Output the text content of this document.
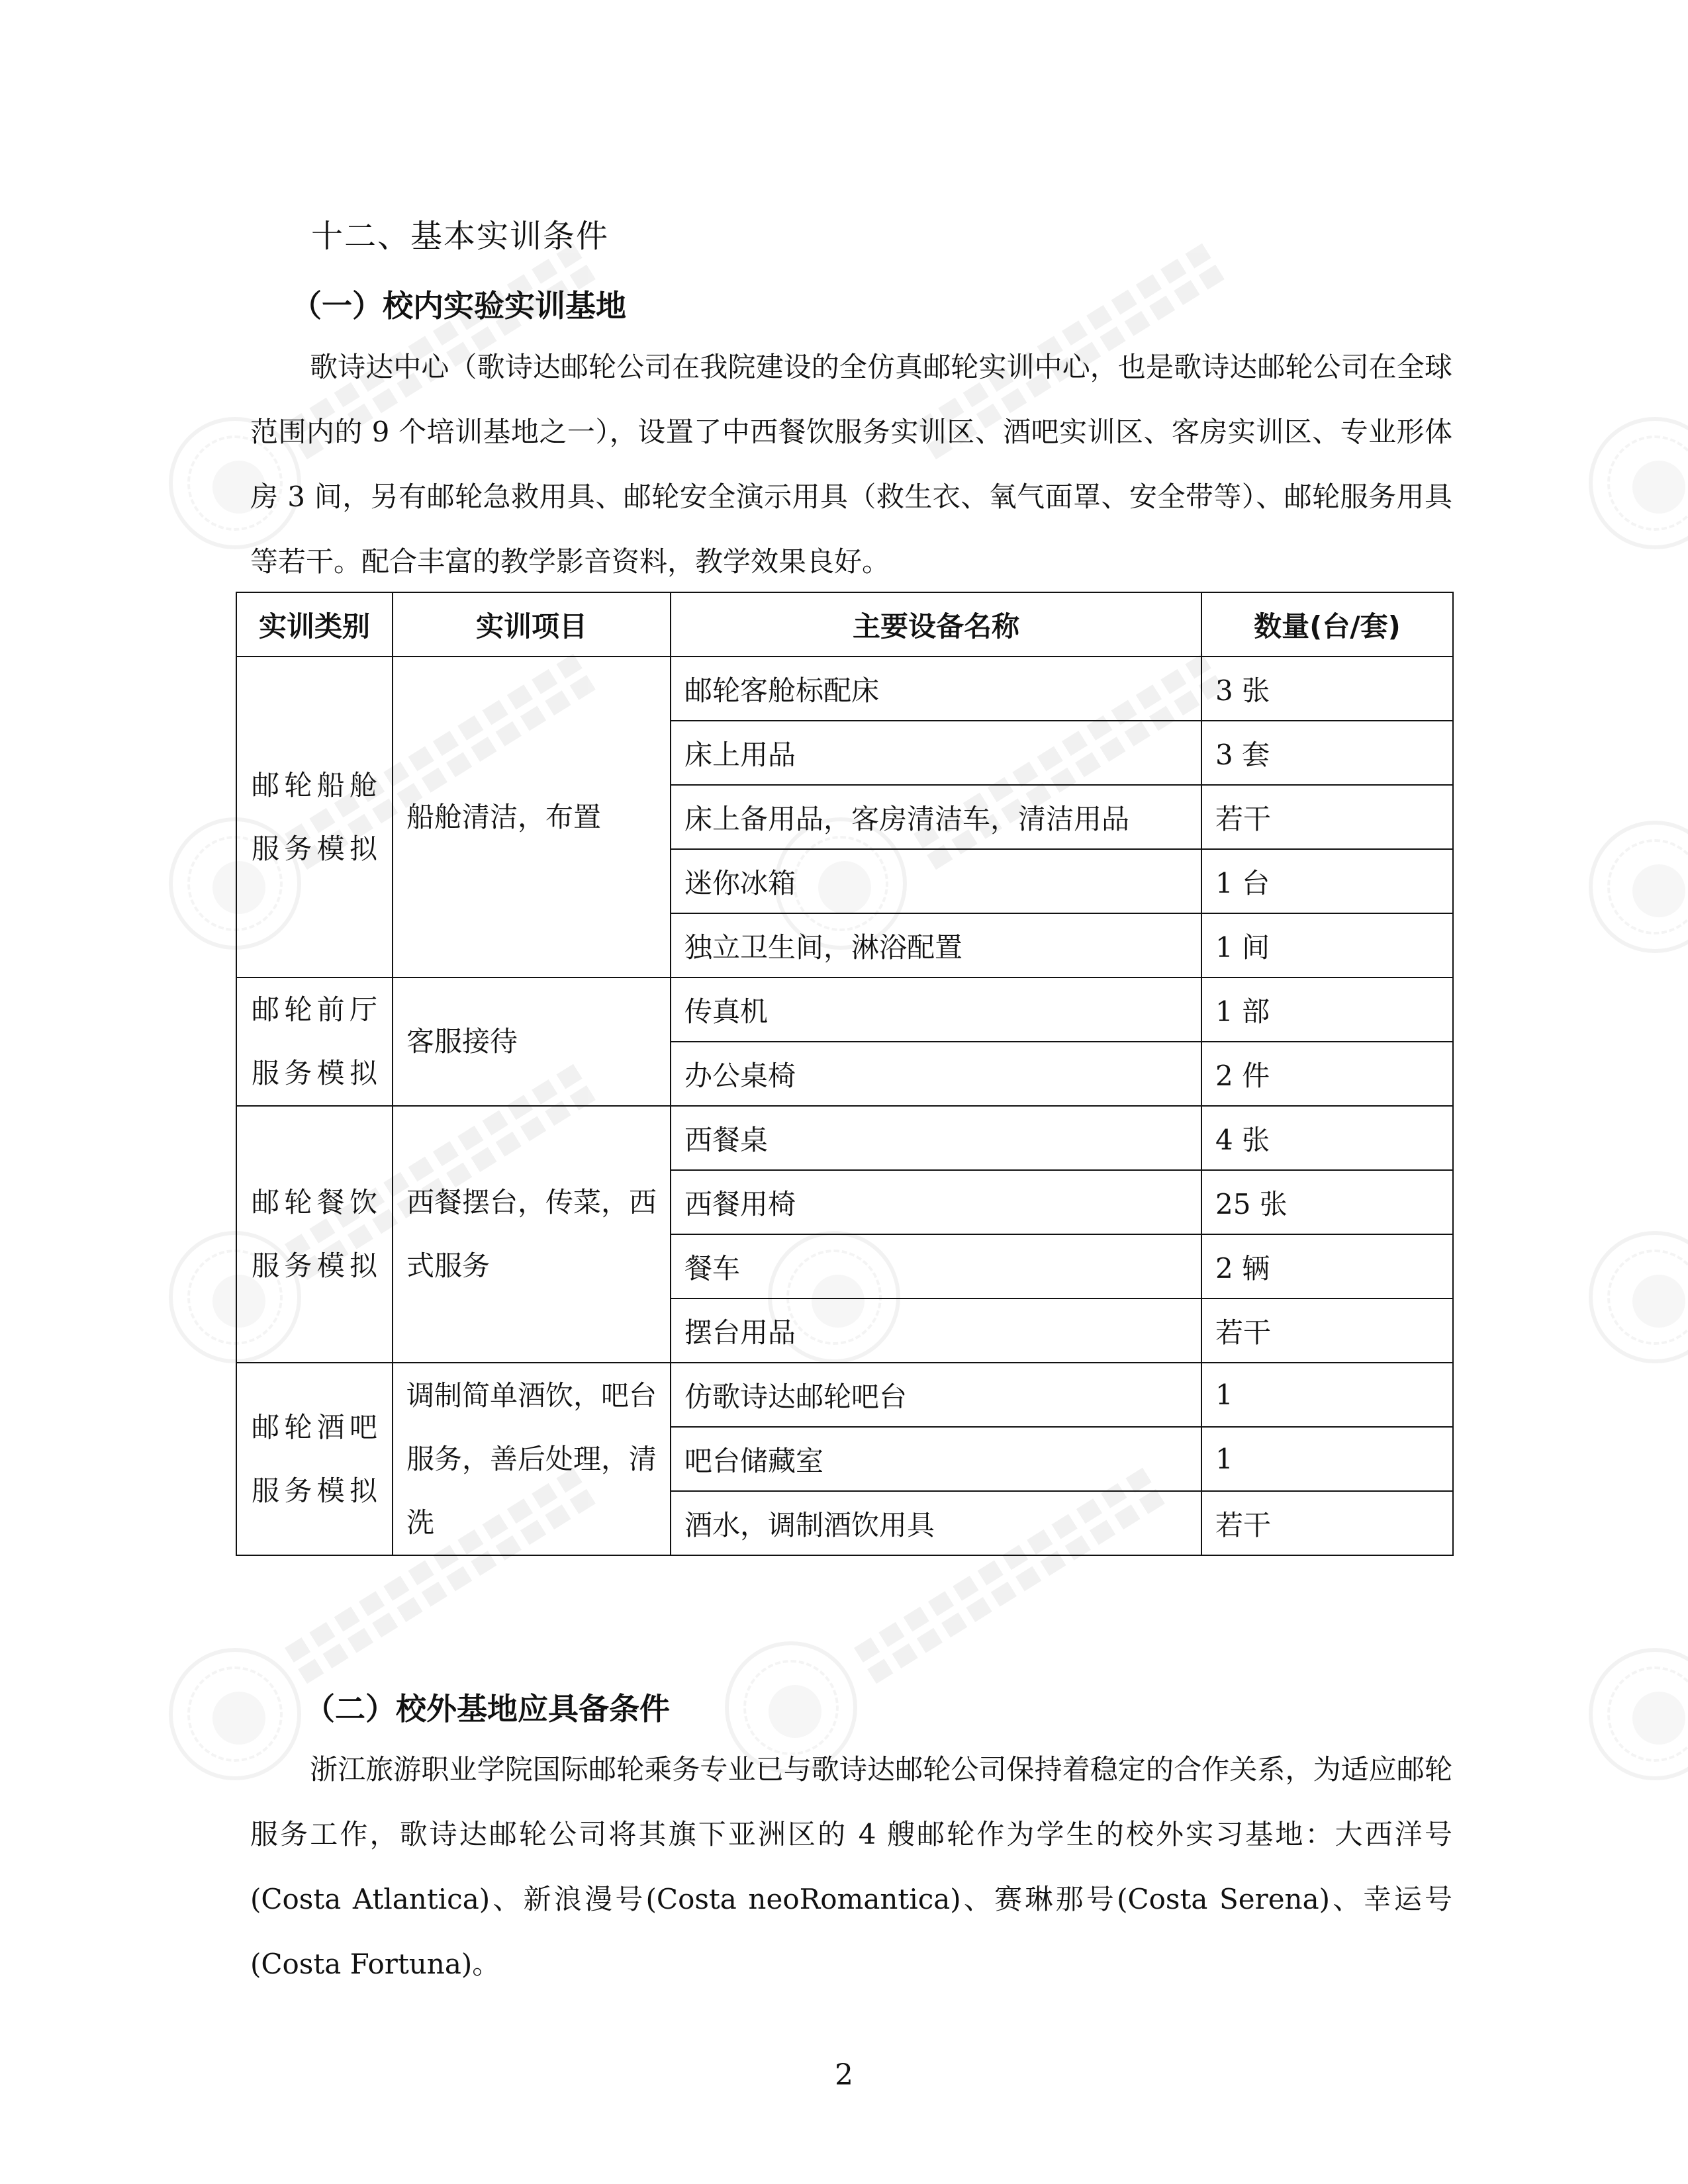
十二、基本实训条件
（一）校内实验实训基地
歌诗达中心（歌诗达邮轮公司在我院建设的全仿真邮轮实训中心，也是歌诗达邮轮公司在全球范围内的 9 个培训基地之一），设置了中西餐饮服务实训区、酒吧实训区、客房实训区、专业形体房 3 间，另有邮轮急救用具、邮轮安全演示用具（救生衣、氧气面罩、安全带等）、邮轮服务用具等若干。配合丰富的教学影音资料，教学效果良好。
实训类别	实训项目	主要设备名称	数量(台/套)
邮轮船舱服务模拟	船舱清洁，布置	邮轮客舱标配床	3 张
		床上用品	3 套
		床上备用品，客房清洁车，清洁用品	若干
		迷你冰箱	1 台
		独立卫生间，淋浴配置	1 间
邮轮前厅服务模拟	客服接待	传真机	1 部
		办公桌椅	2 件
邮轮餐饮服务模拟	西餐摆台，传菜，西式服务	西餐桌	4 张
		西餐用椅	25 张
		餐车	2 辆
		摆台用品	若干
邮轮酒吧服务模拟	调制简单酒饮，吧台服务，善后处理，清洗	仿歌诗达邮轮吧台	1
		吧台储藏室	1
		酒水，调制酒饮用具	若干
（二）校外基地应具备条件
浙江旅游职业学院国际邮轮乘务专业已与歌诗达邮轮公司保持着稳定的合作关系，为适应邮轮服务工作，歌诗达邮轮公司将其旗下亚洲区的 4 艘邮轮作为学生的校外实习基地：大西洋号(Costa Atlantica)、新浪漫号(Costa neoRomantica)、赛琳那号(Costa Serena)、幸运号(Costa Fortuna)。
2
